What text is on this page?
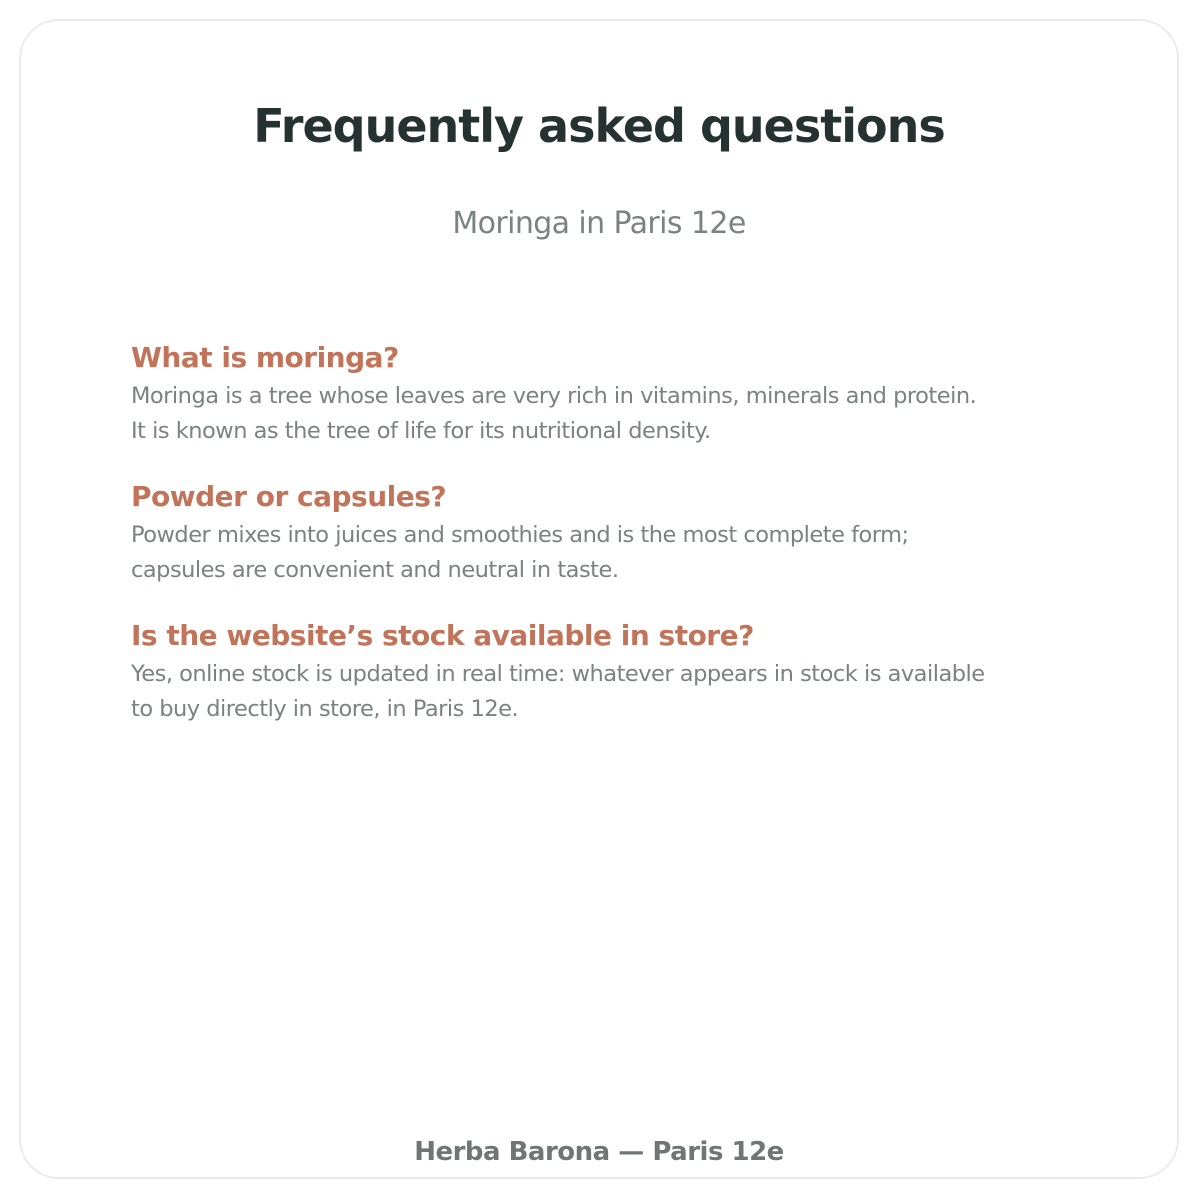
Frequently asked questions

Moringa in Paris 12e

What is moringa?

Moringa is a tree whose leaves are very rich in vitamins, minerals and protein.
It is known as the tree of life for its nutritional density.

Powder or capsules?

Powder mixes into juices and smoothies and is the most complete form;
capsules are convenient and neutral in taste.

Is the website’s stock available in store?

Yes, online stock is updated in real time: whatever appears in stock is available
to buy directly in store, in Paris 12e.

Herba Barona — Paris 12e
